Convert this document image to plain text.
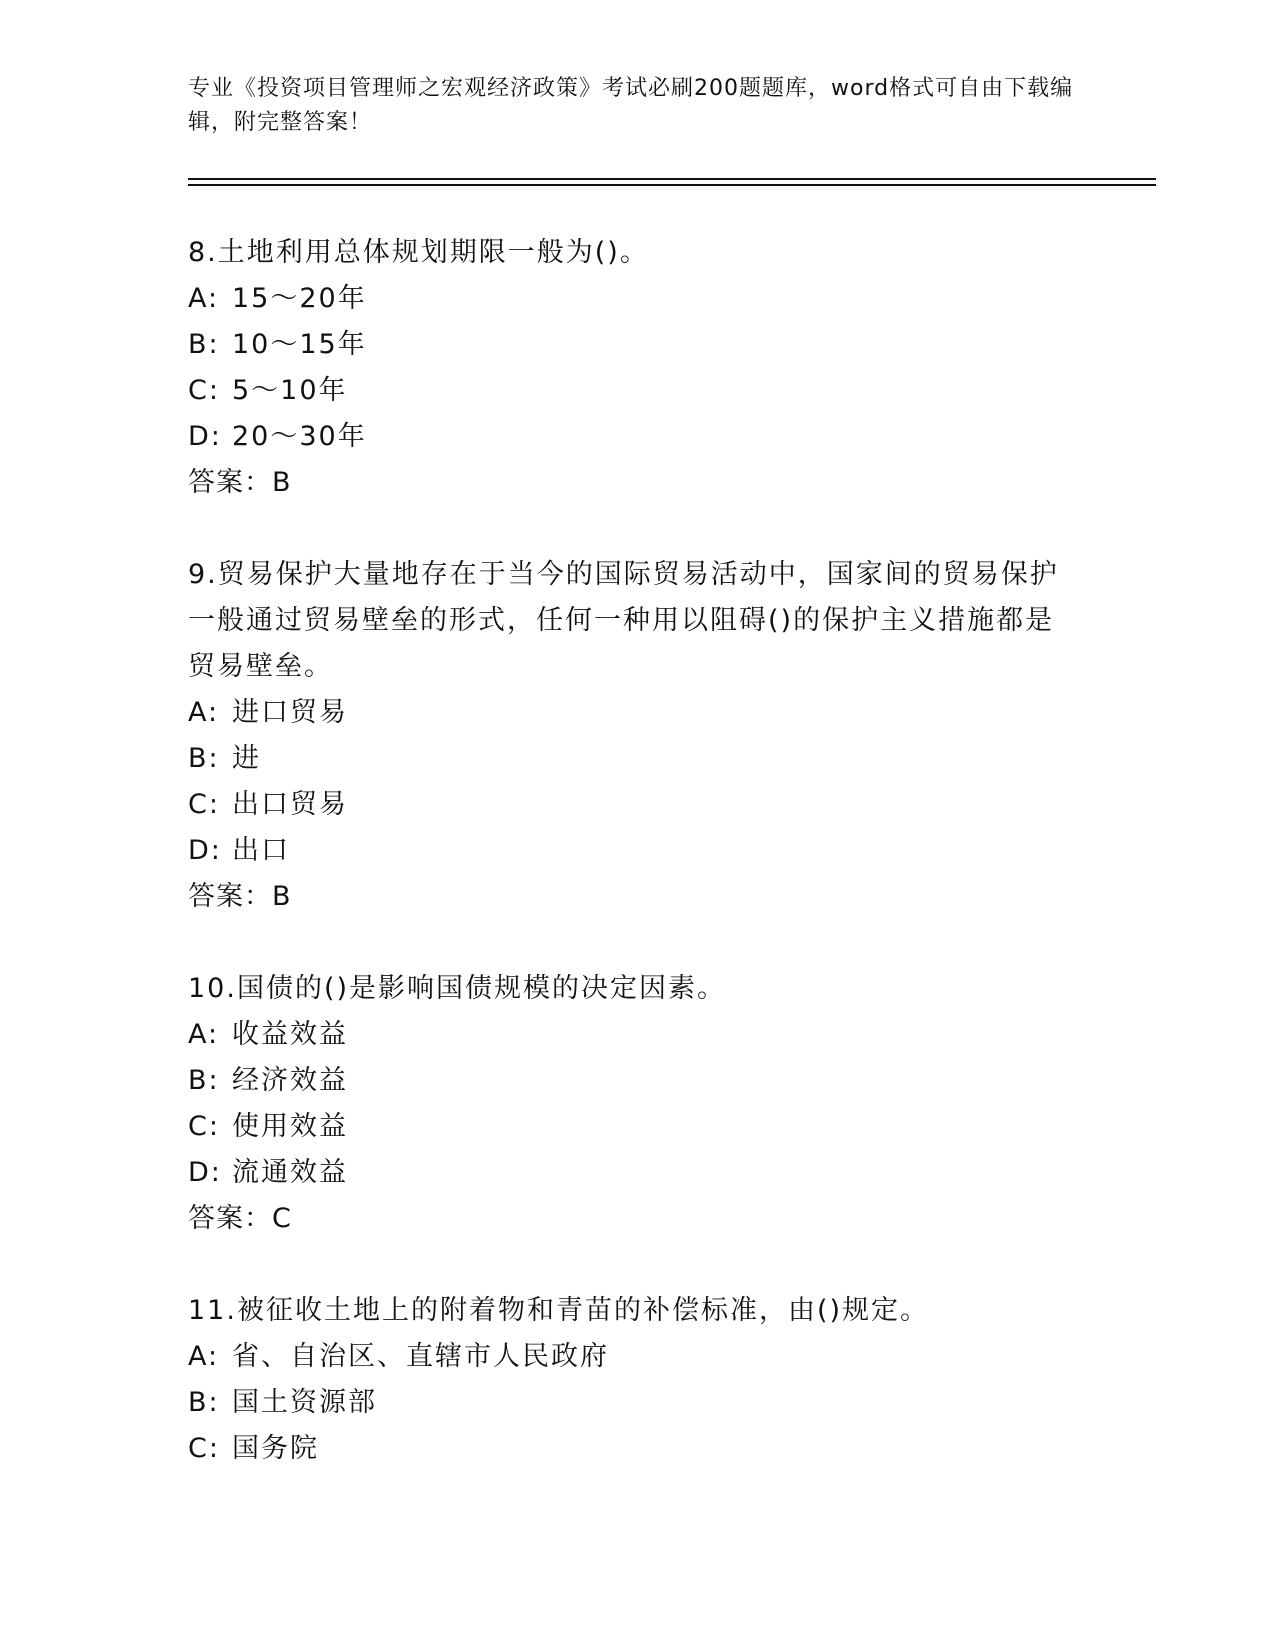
专业《投资项目管理师之宏观经济政策》考试必刷200题题库，word格式可自由下载编辑，附完整答案！

8.土地利用总体规划期限一般为()。

A: 15～20年

B: 10～15年

C: 5～10年

D: 20～30年

答案：B

9.贸易保护大量地存在于当今的国际贸易活动中，国家间的贸易保护一般通过贸易壁垒的形式，任何一种用以阻碍()的保护主义措施都是贸易壁垒。

A: 进口贸易

B: 进

C: 出口贸易

D: 出口

答案：B

10.国债的()是影响国债规模的决定因素。

A: 收益效益

B: 经济效益

C: 使用效益

D: 流通效益

答案：C

11.被征收土地上的附着物和青苗的补偿标准，由()规定。

A: 省、自治区、直辖市人民政府

B: 国土资源部

C: 国务院
